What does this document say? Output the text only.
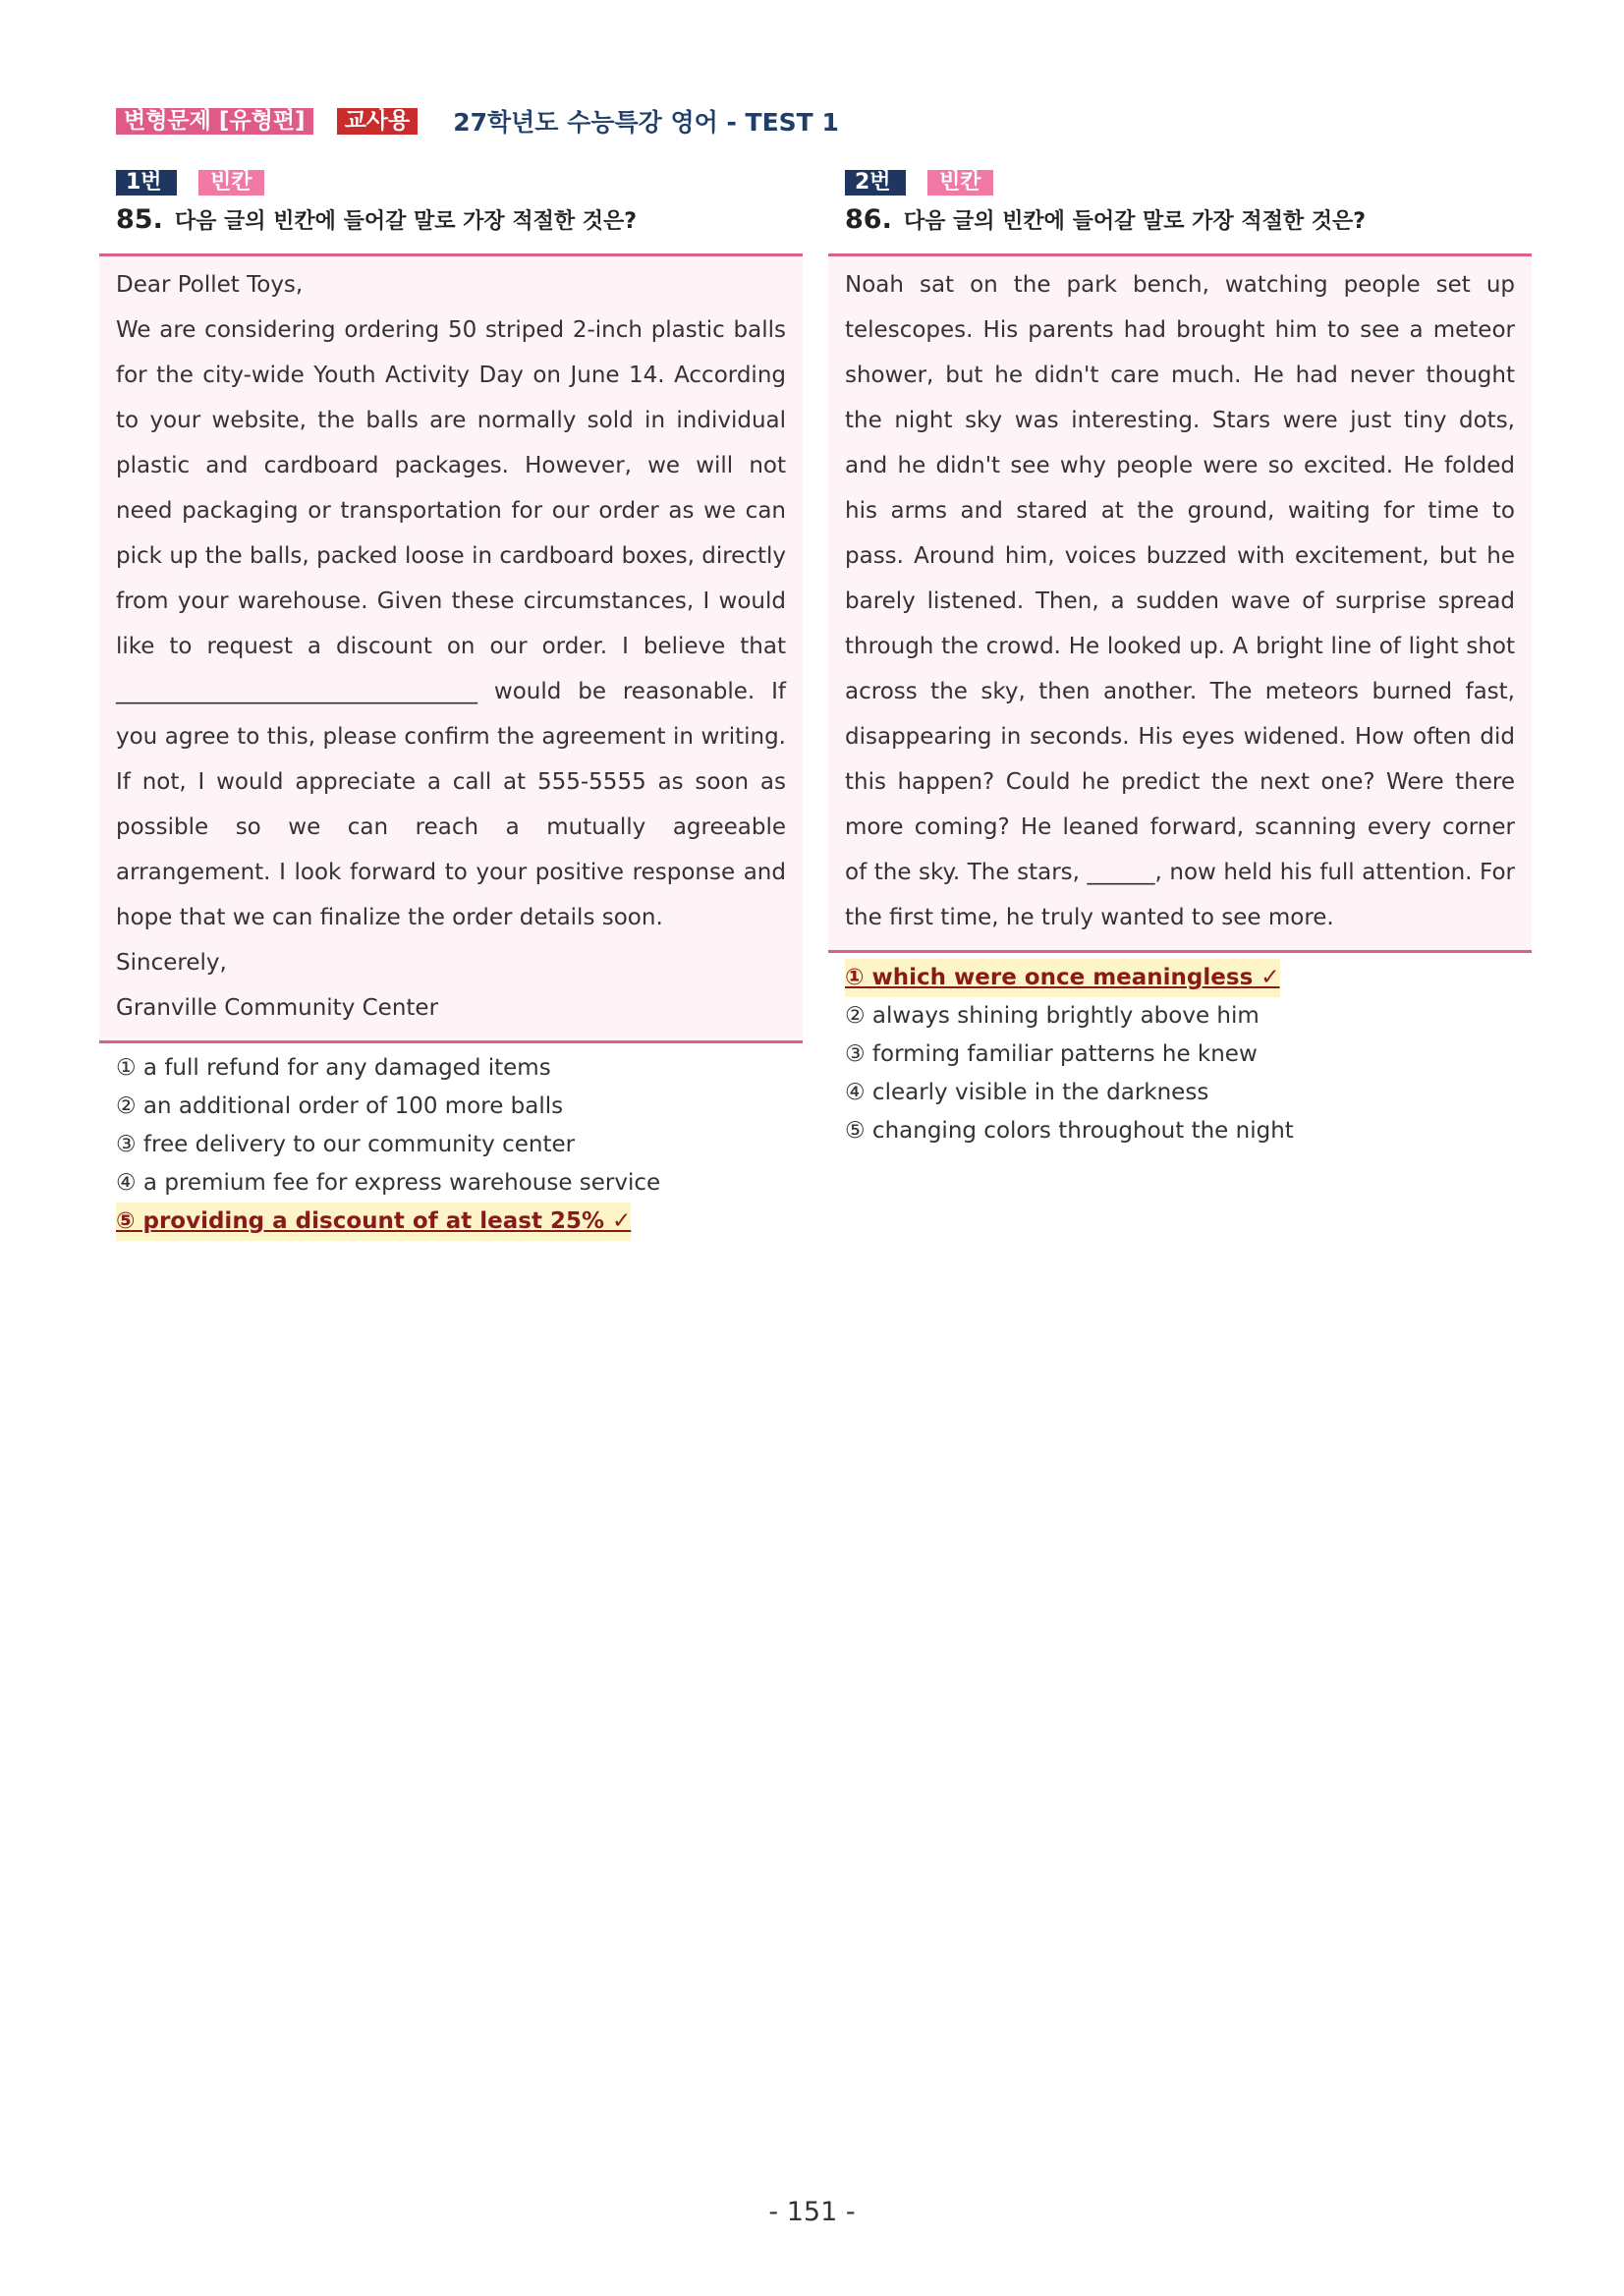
변형문제 [유형편]	교사용	27학년도 수능특강 영어 - TEST 1
1번	빈칸
85. 다음 글의 빈칸에 들어갈 말로 가장 적절한 것은?

Dear Pollet Toys,

We are considering ordering 50 striped 2-inch plastic balls for the city-wide Youth Activity Day on June 14. According to your website, the balls are normally sold in individual plastic and cardboard packages. However, we will not need packaging or transportation for our order as we can pick up the balls, packed loose in cardboard boxes, directly from your warehouse. Given these circumstances, I would like to request a discount on our order. I believe that ________________________________ would be reasonable. If you agree to this, please confirm the agreement in writing. If not, I would appreciate a call at 555-5555 as soon as possible so we can reach a mutually agreeable arrangement. I look forward to your positive response and hope that we can finalize the order details soon.

Sincerely,

Granville Community Center

① a full refund for any damaged items
② an additional order of 100 more balls
③ free delivery to our community center
④ a premium fee for express warehouse service
⑤ providing a discount of at least 25% ✓
2번	빈칸
86. 다음 글의 빈칸에 들어갈 말로 가장 적절한 것은?

Noah sat on the park bench, watching people set up telescopes. His parents had brought him to see a meteor shower, but he didn't care much. He had never thought the night sky was interesting. Stars were just tiny dots, and he didn't see why people were so excited. He folded his arms and stared at the ground, waiting for time to pass. Around him, voices buzzed with excitement, but he barely listened. Then, a sudden wave of surprise spread through the crowd. He looked up. A bright line of light shot across the sky, then another. The meteors burned fast, disappearing in seconds. His eyes widened. How often did this happen? Could he predict the next one? Were there more coming? He leaned forward, scanning every corner of the sky. The stars, ______, now held his full attention. For the first time, he truly wanted to see more.

① which were once meaningless ✓
② always shining brightly above him
③ forming familiar patterns he knew
④ clearly visible in the darkness
⑤ changing colors throughout the night
- 151 -
